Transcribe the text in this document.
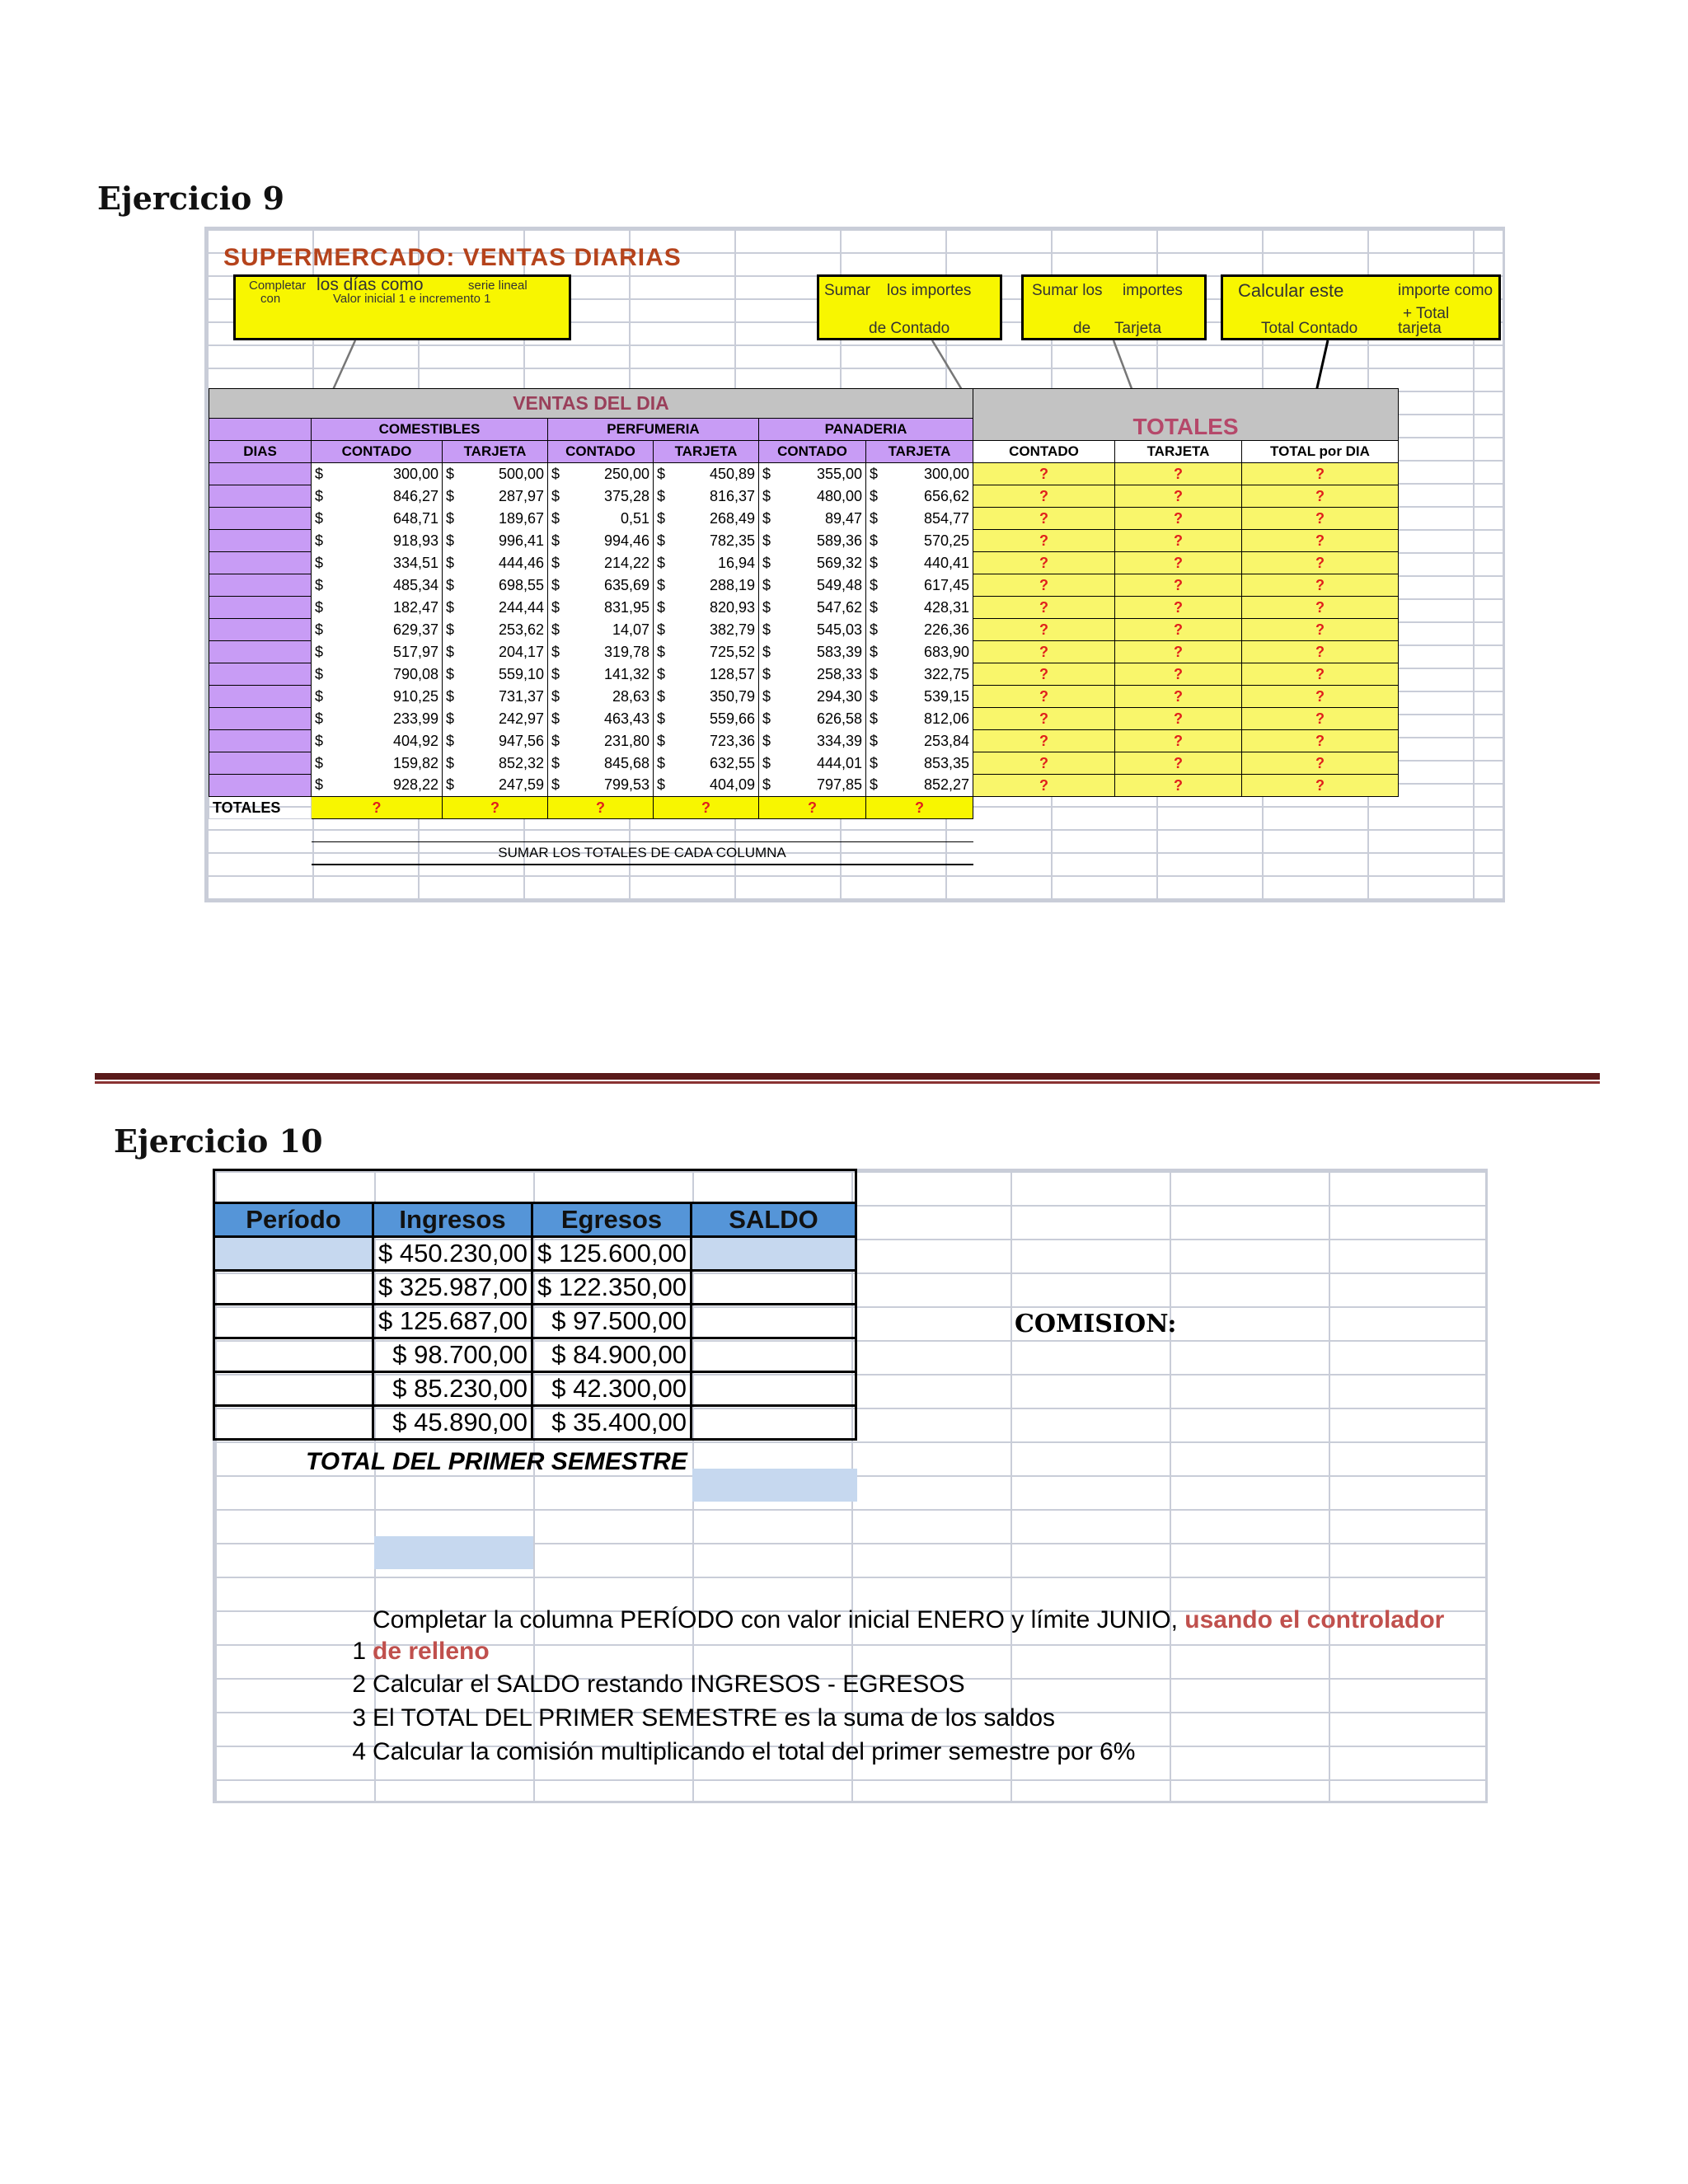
Ejercicio 9
SUPERMERCADO: VENTAS DIARIAS
Completar los días como	serie lineal
con	Valor inicial 1 e incremento 1	Sumar los importes
de Contado
Sumar los importes
de Tarjeta
Calcular este	importe como
+ Total
tarjeta
Total Contado
VENTAS DEL DIA							TOTALES		
	COMESTIBLES		PERFUMERIA		PANADERIA				
DIAS	CONTADO	TARJETA	CONTADO	TARJETA	CONTADO	TARJETA	CONTADO	TARJETA	TOTAL por DIA

	$ 300,00	$ 500,00	$ 250,00	$ 450,89	$ 355,00	$ 300,00	?	?	?

	$ 846,27	$ 287,97	$ 375,28	$ 816,37	$ 480,00	$ 656,62	?	?	?

	$ 648,71	$ 189,67	$ 0,51	$ 268,49	$ 89,47	$ 854,77	?	?	?

	$ 918,93	$ 996,41	$ 994,46	$ 782,35	$ 589,36	$ 570,25	?	?	?

	$ 334,51	$ 444,46	$ 214,22	$ 16,94	$ 569,32	$ 440,41	?	?	?

	$ 485,34	$ 698,55	$ 635,69	$ 288,19	$ 549,48	$ 617,45	?	?	?

	$ 182,47	$ 244,44	$ 831,95	$ 820,93	$ 547,62	$ 428,31	?	?	?

	$ 629,37	$ 253,62	$ 14,07	$ 382,79	$ 545,03	$ 226,36	?	?	?

	$ 517,97	$ 204,17	$ 319,78	$ 725,52	$ 583,39	$ 683,90	?	?	?

	$ 790,08	$ 559,10	$ 141,32	$ 128,57	$ 258,33	$ 322,75	?	?	?

	$ 910,25	$ 731,37	$ 28,63	$ 350,79	$ 294,30	$ 539,15	?	?	?

	$ 233,99	$ 242,97	$ 463,43	$ 559,66	$ 626,58	$ 812,06	?	?	?

	$ 404,92	$ 947,56	$ 231,80	$ 723,36	$ 334,39	$ 253,84	?	?	?

	$ 159,82	$ 852,32	$ 845,68	$ 632,55	$ 444,01	$ 853,35	?	?	?

	$ 928,22	$ 247,59	$ 799,53	$ 404,09	$ 797,85	$ 852,27	?	?	?
TOTALES	?	?	?	?	?	?			

	SUMAR LOS TOTALES DE CADA COLUMNA								
Ejercicio 10

Período	Ingresos	Egresos	SALDO
	$ 450.230,00	$ 125.600,00	
	$ 325.987,00	$ 122.350,00	
	$ 125.687,00	$ 97.500,00	
	$ 98.700,00	$ 84.900,00	
	$ 85.230,00	$ 42.300,00	
	$ 45.890,00	$ 35.400,00	
TOTAL DEL PRIMER SEMESTRE
COMISION:
Completar la columna PERÍODO con valor inicial ENERO y límite JUNIO, usando el controlador
1 de relleno
2 Calcular el SALDO restando INGRESOS - EGRESOS
3 El TOTAL DEL PRIMER SEMESTRE es la suma de los saldos
4 Calcular la comisión multiplicando el total del primer semestre por 6%
